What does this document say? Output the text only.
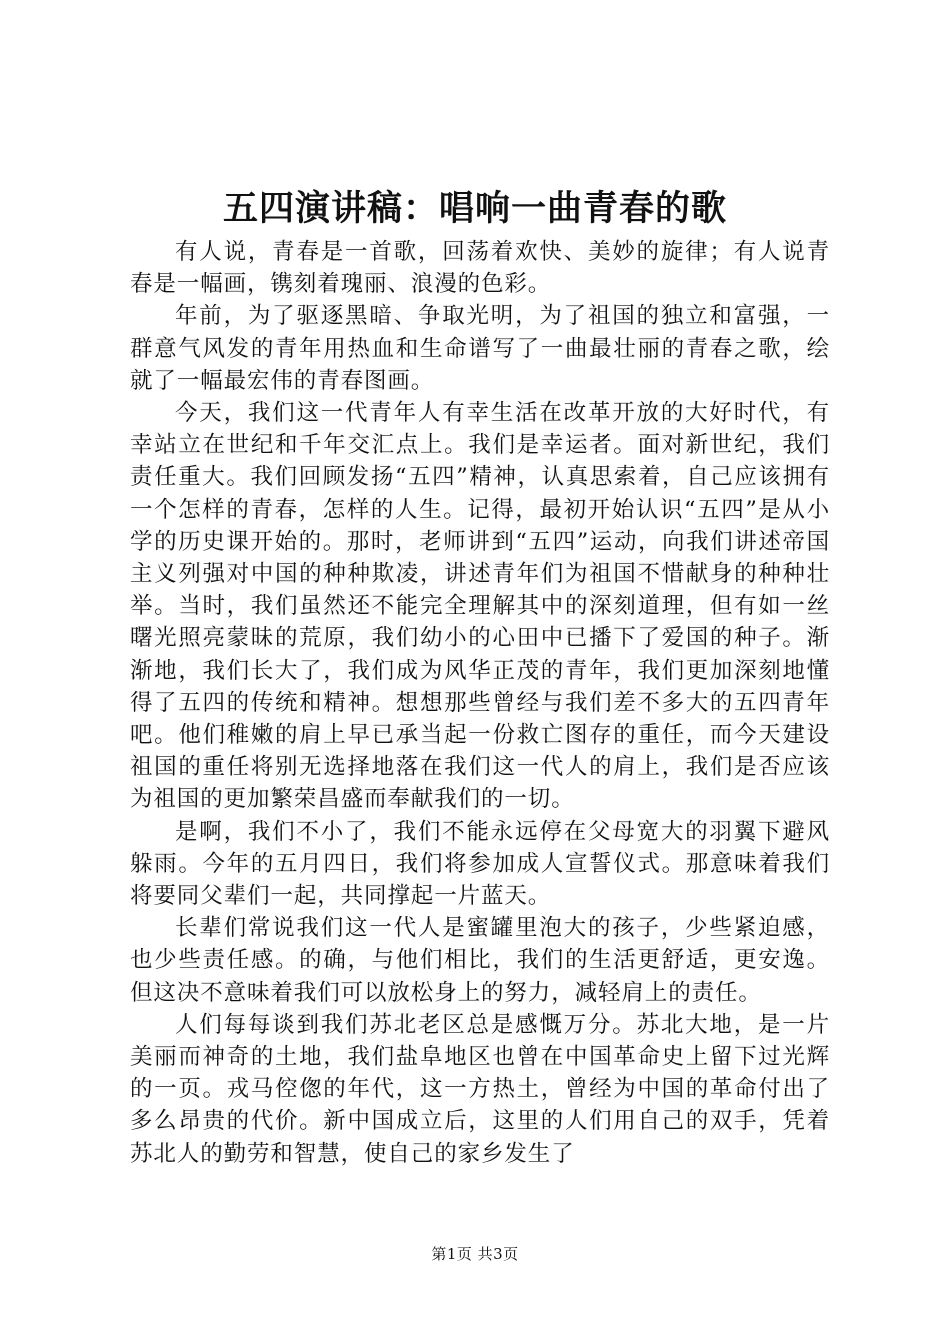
五四演讲稿：唱响一曲青春的歌

有人说，青春是一首歌，回荡着欢快、美妙的旋律；有人说青春是一幅画，镌刻着瑰丽、浪漫的色彩。

年前，为了驱逐黑暗、争取光明，为了祖国的独立和富强，一群意气风发的青年用热血和生命谱写了一曲最壮丽的青春之歌，绘就了一幅最宏伟的青春图画。

今天，我们这一代青年人有幸生活在改革开放的大好时代，有幸站立在世纪和千年交汇点上。我们是幸运者。面对新世纪，我们责任重大。我们回顾发扬“五四”精神，认真思索着，自己应该拥有一个怎样的青春，怎样的人生。记得，最初开始认识“五四”是从小学的历史课开始的。那时，老师讲到“五四”运动，向我们讲述帝国主义列强对中国的种种欺凌，讲述青年们为祖国不惜献身的种种壮举。当时，我们虽然还不能完全理解其中的深刻道理，但有如一丝曙光照亮蒙昧的荒原，我们幼小的心田中已播下了爱国的种子。渐渐地，我们长大了，我们成为风华正茂的青年，我们更加深刻地懂得了五四的传统和精神。想想那些曾经与我们差不多大的五四青年吧。他们稚嫩的肩上早已承当起一份救亡图存的重任，而今天建设祖国的重任将别无选择地落在我们这一代人的肩上，我们是否应该为祖国的更加繁荣昌盛而奉献我们的一切。

是啊，我们不小了，我们不能永远停在父母宽大的羽翼下避风躲雨。今年的五月四日，我们将参加成人宣誓仪式。那意味着我们将要同父辈们一起，共同撑起一片蓝天。

长辈们常说我们这一代人是蜜罐里泡大的孩子，少些紧迫感，也少些责任感。的确，与他们相比，我们的生活更舒适，更安逸。但这决不意味着我们可以放松身上的努力，减轻肩上的责任。

人们每每谈到我们苏北老区总是感慨万分。苏北大地，是一片美丽而神奇的土地，我们盐阜地区也曾在中国革命史上留下过光辉的一页。戎马倥偬的年代，这一方热土，曾经为中国的革命付出了多么昂贵的代价。新中国成立后，这里的人们用自己的双手，凭着苏北人的勤劳和智慧，使自己的家乡发生了

第1页 共3页
